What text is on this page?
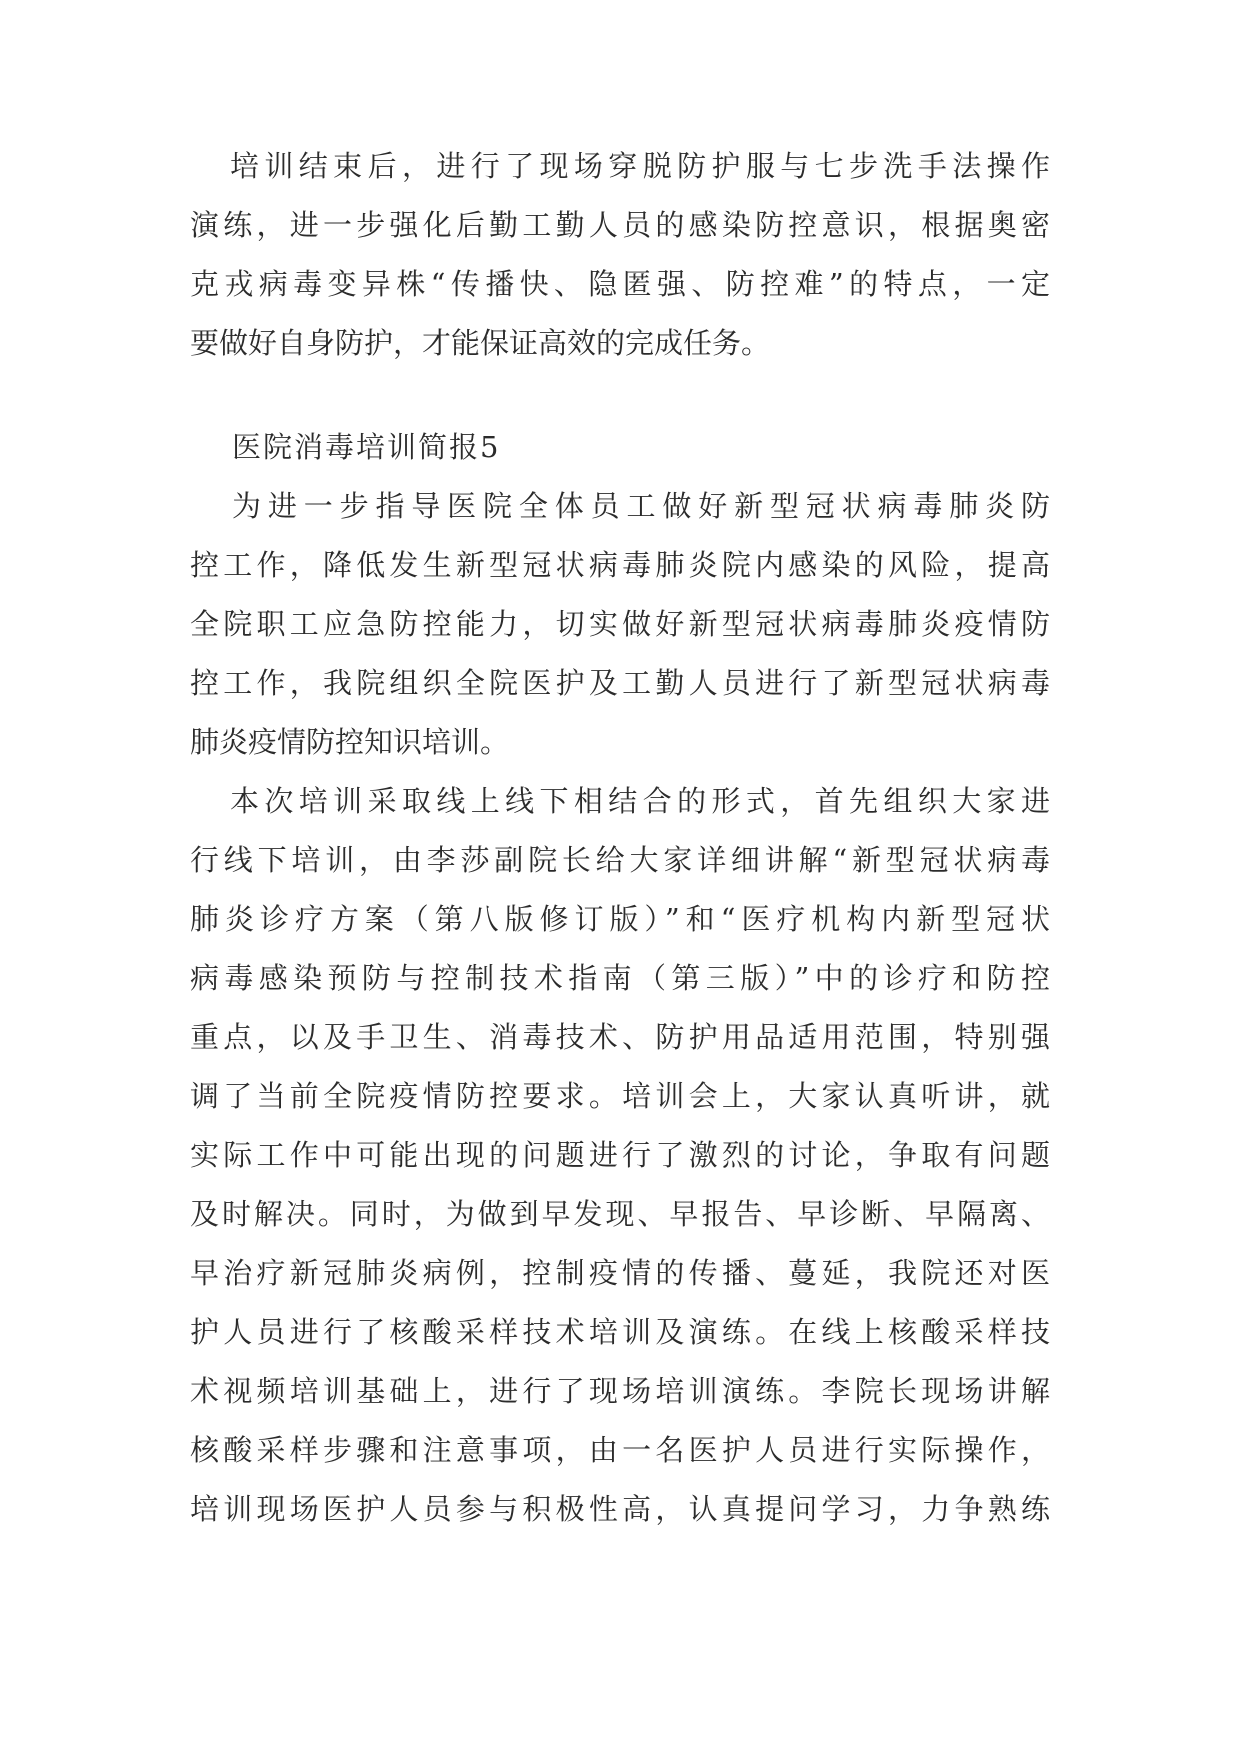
培训结束后，进行了现场穿脱防护服与七步洗手法操作
演练，进一步强化后勤工勤人员的感染防控意识，根据奥密
克戎病毒变异株“传播快、隐匿强、防控难”的特点，一定
要做好自身防护，才能保证高效的完成任务。
医院消毒培训简报5
为进一步指导医院全体员工做好新型冠状病毒肺炎防
控工作，降低发生新型冠状病毒肺炎院内感染的风险，提高
全院职工应急防控能力，切实做好新型冠状病毒肺炎疫情防
控工作，我院组织全院医护及工勤人员进行了新型冠状病毒
肺炎疫情防控知识培训。
本次培训采取线上线下相结合的形式，首先组织大家进
行线下培训，由李莎副院长给大家详细讲解“新型冠状病毒
肺炎诊疗方案（第八版修订版）”和“医疗机构内新型冠状
病毒感染预防与控制技术指南（第三版）”中的诊疗和防控
重点，以及手卫生、消毒技术、防护用品适用范围，特别强
调了当前全院疫情防控要求。培训会上，大家认真听讲，就
实际工作中可能出现的问题进行了激烈的讨论，争取有问题
及时解决。同时，为做到早发现、早报告、早诊断、早隔离、
早治疗新冠肺炎病例，控制疫情的传播、蔓延，我院还对医
护人员进行了核酸采样技术培训及演练。在线上核酸采样技
术视频培训基础上，进行了现场培训演练。李院长现场讲解
核酸采样步骤和注意事项，由一名医护人员进行实际操作，
培训现场医护人员参与积极性高，认真提问学习，力争熟练
